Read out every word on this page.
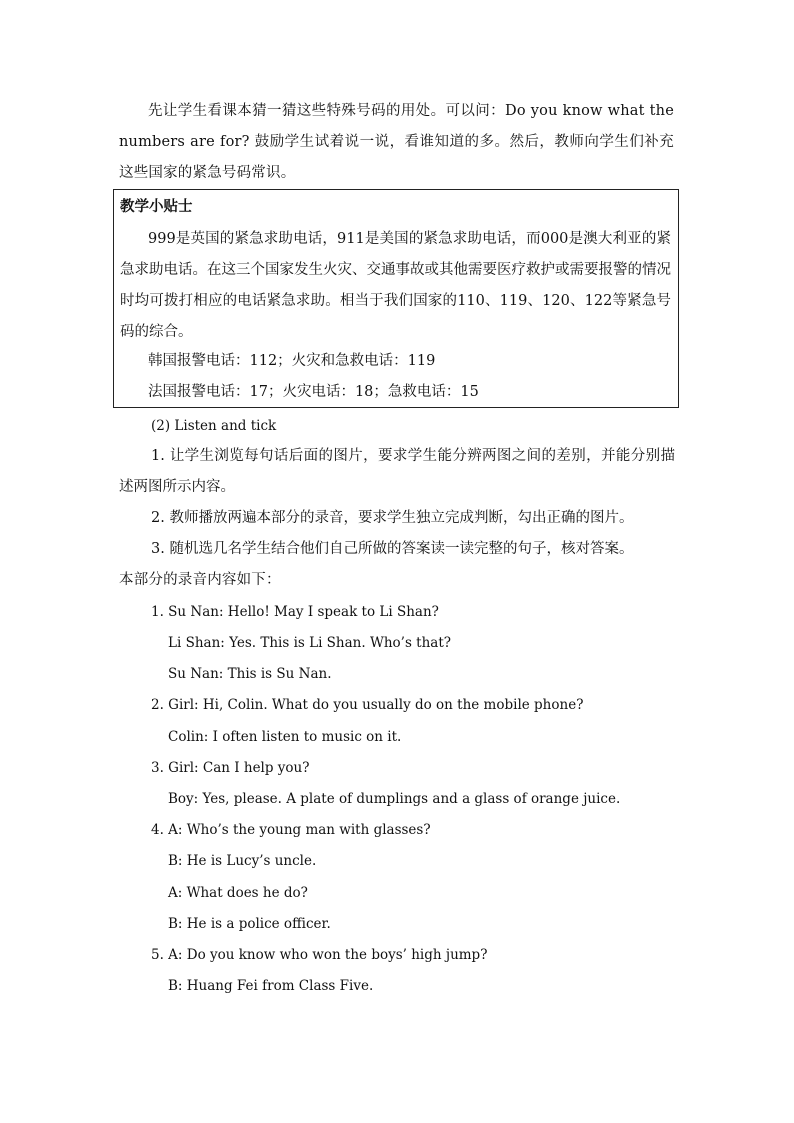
先让学生看课本猜一猜这些特殊号码的用处。可以问：Do you know what the numbers are for? 鼓励学生试着说一说，看谁知道的多。然后，教师向学生们补充这些国家的紧急号码常识。
教学小贴士
999是英国的紧急求助电话，911是美国的紧急求助电话，而000是澳大利亚的紧急求助电话。在这三个国家发生火灾、交通事故或其他需要医疗救护或需要报警的情况时均可拨打相应的电话紧急求助。相当于我们国家的110、119、120、122等紧急号码的综合。
韩国报警电话：112；火灾和急救电话：119
法国报警电话：17；火灾电话：18；急救电话：15
(2) Listen and tick
1. 让学生浏览每句话后面的图片，要求学生能分辨两图之间的差别，并能分别描述两图所示内容。
2. 教师播放两遍本部分的录音，要求学生独立完成判断，勾出正确的图片。
3. 随机选几名学生结合他们自己所做的答案读一读完整的句子，核对答案。
本部分的录音内容如下：
1. Su Nan: Hello! May I speak to Li Shan?
Li Shan: Yes. This is Li Shan. Who’s that?
Su Nan: This is Su Nan.
2. Girl: Hi, Colin. What do you usually do on the mobile phone?
Colin: I often listen to music on it.
3. Girl: Can I help you?
Boy: Yes, please. A plate of dumplings and a glass of orange juice.
4. A: Who’s the young man with glasses?
B: He is Lucy’s uncle.
A: What does he do?
B: He is a police officer.
5. A: Do you know who won the boys’ high jump?
B: Huang Fei from Class Five.
